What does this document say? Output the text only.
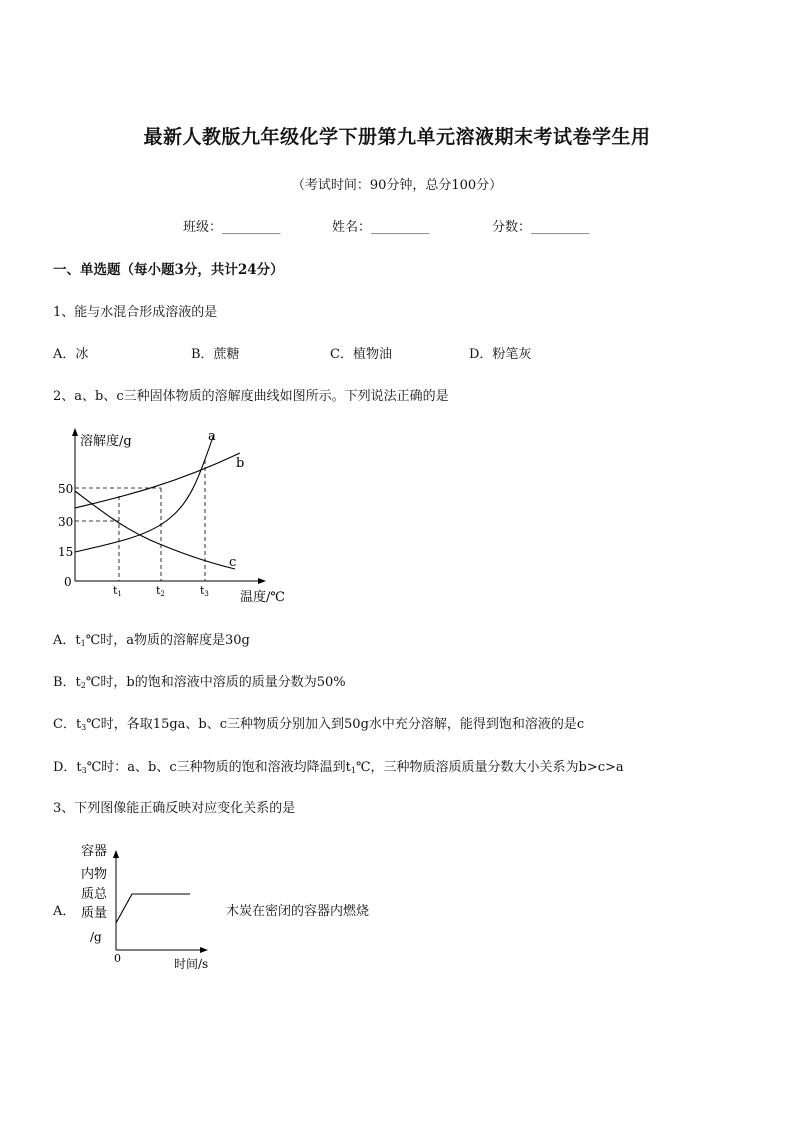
最新人教版九年级化学下册第九单元溶液期末考试卷学生用
（考试时间：90分钟，总分100分）
班级：_________	姓名：_________	分数：_________
一、单选题（每小题3分，共计24分）
1、能与水混合形成溶液的是
A．冰	B．蔗糖	C．植物油	D．粉笔灰
2、a、b、c三种固体物质的溶解度曲线如图所示。下列说法正确的是
溶解度/g
温度/℃
50
30
15
0
t1	t2	t3
a
b
c
A．$t_1℃$时，a物质的溶解度是30g
B．$t_2℃$时，b的饱和溶液中溶质的质量分数为50%
C．$t_3℃$时，各取15ga、b、c三种物质分别加入到50g水中充分溶解，能得到饱和溶液的是c
D．$t_3℃$时：a、b、c三种物质的饱和溶液均降温到$t_1℃$，三种物质溶质质量分数大小关系为b>c>a
3、下列图像能正确反映对应变化关系的是
A．
容器
内物
质总
质量
/g
0	时间/s
木炭在密闭的容器内燃烧
